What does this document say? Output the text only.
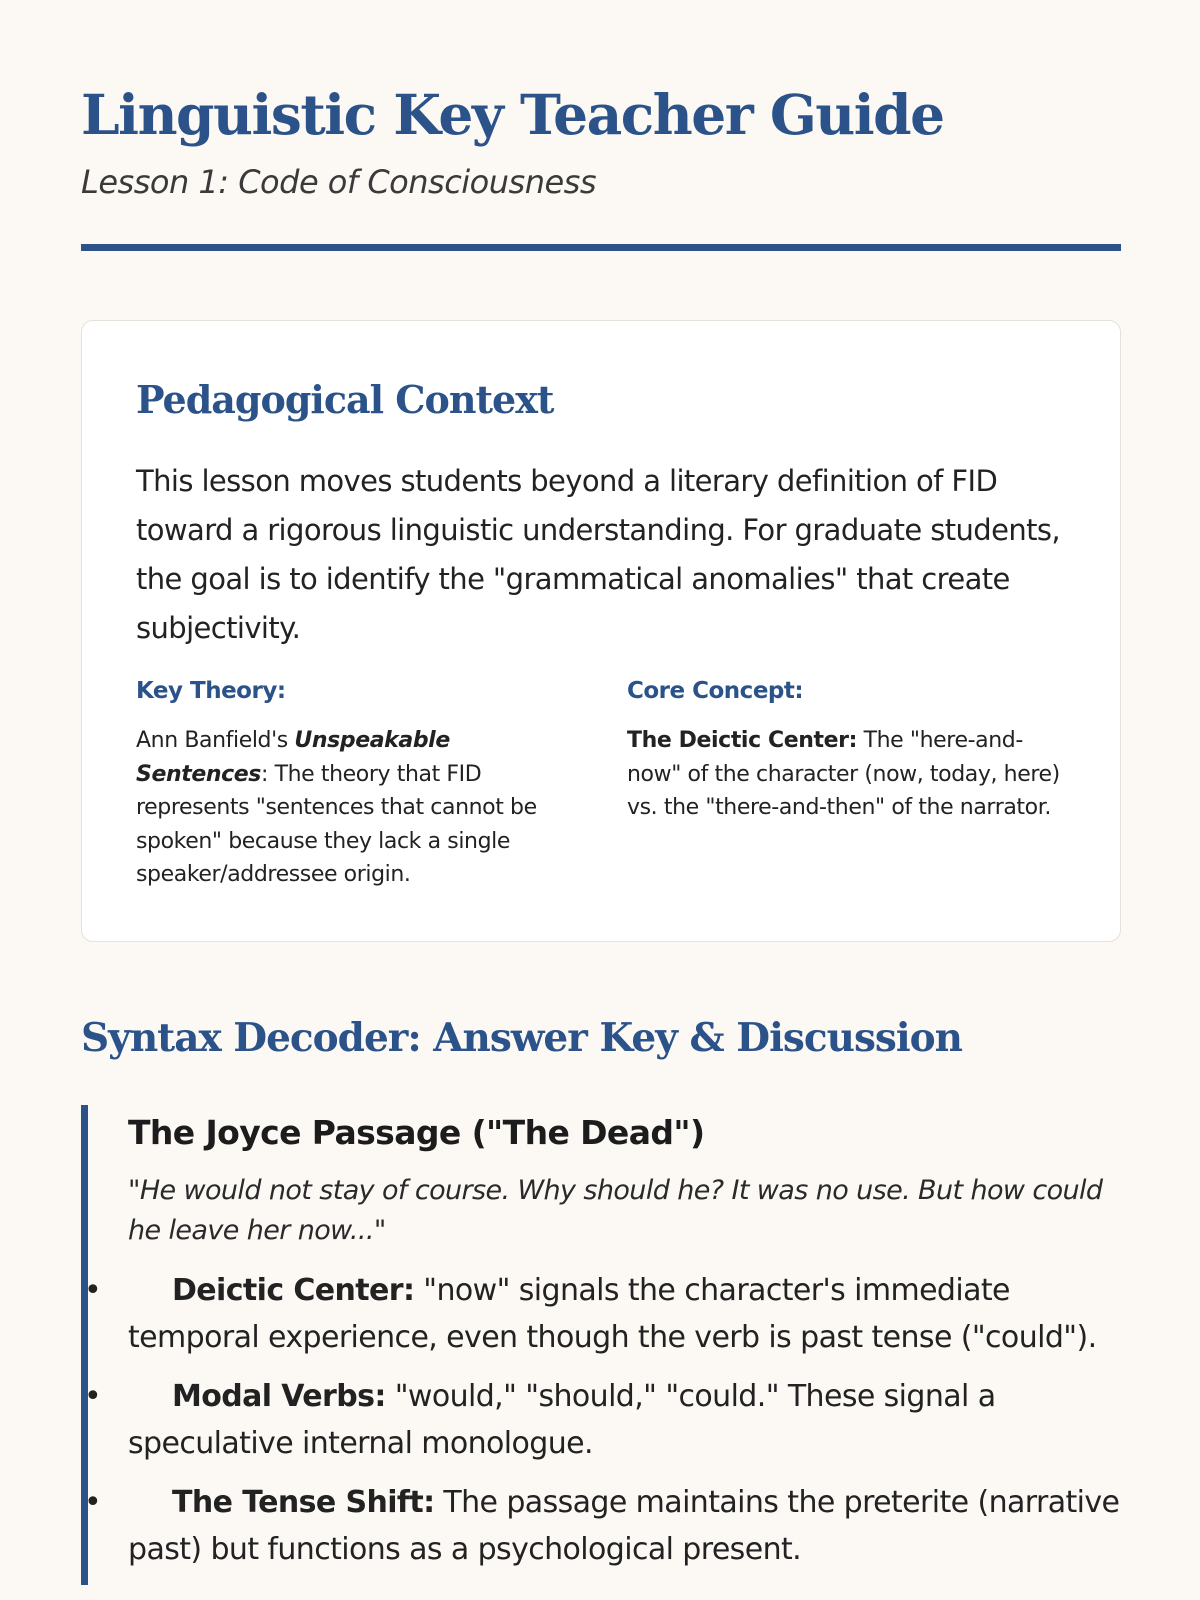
Linguistic Key Teacher Guide

Lesson 1: Code of Consciousness

Pedagogical Context

This lesson moves students beyond a literary definition of FID toward a rigorous linguistic understanding. For graduate students, the goal is to identify the "grammatical anomalies" that create subjectivity.

Key Theory:

Ann Banfield's Unspeakable Sentences: The theory that FID represents "sentences that cannot be spoken" because they lack a single speaker/addressee origin.

Core Concept:

The Deictic Center: The "here-and-now" of the character (now, today, here) vs. the "there-and-then" of the narrator.

Syntax Decoder: Answer Key & Discussion
The Joyce Passage ("The Dead")

"He would not stay of course. Why should he? It was no use. But how could he leave her now..."

•	Deictic Center: "now" signals the character's immediate temporal experience, even though the verb is past tense ("could").
•	Modal Verbs: "would," "should," "could." These signal a speculative internal monologue.
•	The Tense Shift: The passage maintains the preterite (narrative past) but functions as a psychological present.
